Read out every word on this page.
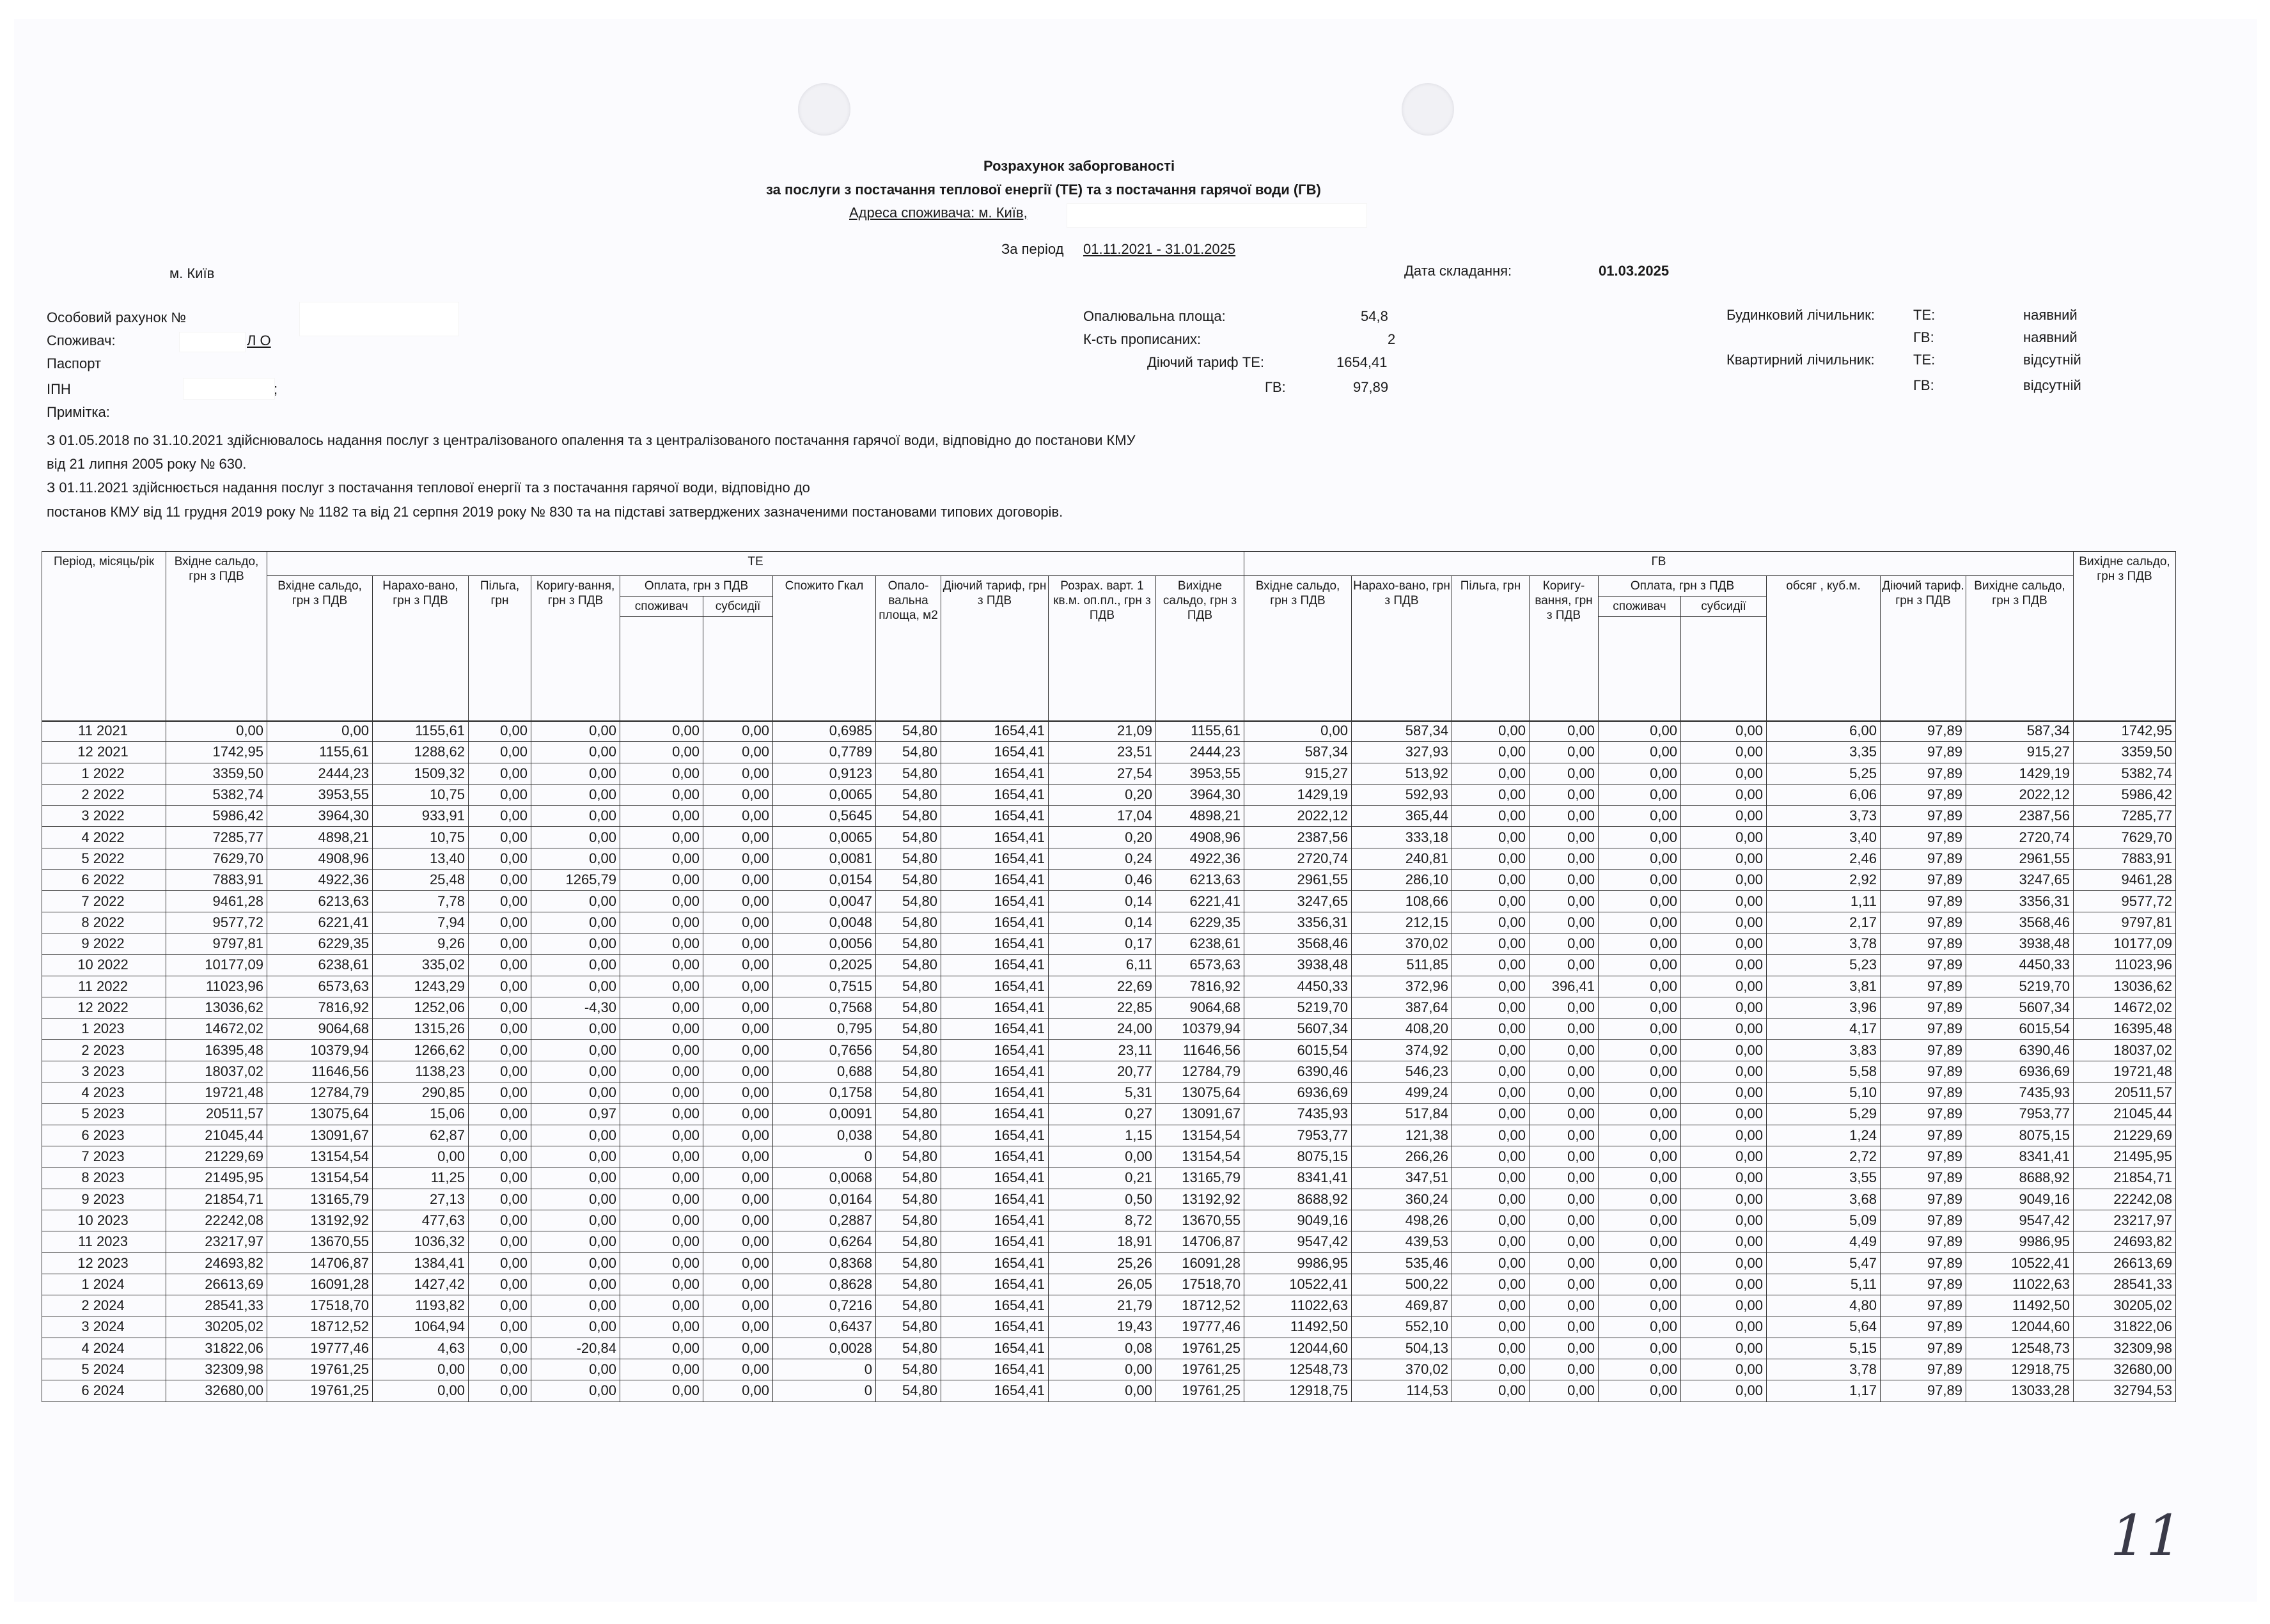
Розрахунок заборгованості
за послуги з постачання теплової енергії (ТЕ) та з постачання гарячої води (ГВ)
Адреса споживача: м. Київ,
За період 01.11.2021 - 31.01.2025
м. Київ	Дата складання:	01.03.2025
Особовий рахунок №
Споживач:	Л О
Паспорт
ІПН	;
Примітка:
Опалювальна площа:	54,8
К-сть прописаних:	2
Діючий тариф ТЕ:	1654,41
ГВ:	97,89
Будинковий лічильник:	ТЕ:	наявний
ГВ:	наявний
Квартирний лічильник:	ТЕ:	відсутній
ГВ:	відсутній
З 01.05.2018 по 31.10.2021 здійснювалось надання послуг з централізованого опалення та з централізованого постачання гарячої води, відповідно до постанови КМУ
від 21 липня 2005 року № 630.
З 01.11.2021 здійснюється надання послуг з постачання теплової енергії та з постачання гарячої води, відповідно до
постанов КМУ від 11 грудня 2019 року № 1182 та від 21 серпня 2019 року № 830 та на підставі затверджених зазначеними постановами типових договорів.
Період, місяць/рік	Вхідне сальдо, грн з ПДВ	ТЕ											ГВ									Вихідне сальдо, грн з ПДВ
		Вхідне сальдо, грн з ПДВ	Нарахо-вано, грн з ПДВ	Пільга, грн	Коригу-вання, грн з ПДВ	Оплата, грн з ПДВ		Спожито Гкал	Опало-вальна площа, м2	Діючий тариф, грн з ПДВ	Розрах. варт. 1 кв.м. оп.пл., грн з ПДВ	Вихідне сальдо, грн з ПДВ	Вхідне сальдо, грн з ПДВ	Нарахо-вано, грн з ПДВ	Пільга, грн	Коригу-вання, грн з ПДВ	Оплата, грн з ПДВ		обсяг , куб.м.	Діючий тариф. грн з ПДВ	Вихідне сальдо, грн з ПДВ	
						споживач	субсидії										споживач	субсидії				

11 2021	0,00	0,00	1155,61	0,00	0,00	0,00	0,00	0,6985	54,80	1654,41	21,09	1155,61	0,00	587,34	0,00	0,00	0,00	0,00	6,00	97,89	587,34	1742,95
12 2021	1742,95	1155,61	1288,62	0,00	0,00	0,00	0,00	0,7789	54,80	1654,41	23,51	2444,23	587,34	327,93	0,00	0,00	0,00	0,00	3,35	97,89	915,27	3359,50
1 2022	3359,50	2444,23	1509,32	0,00	0,00	0,00	0,00	0,9123	54,80	1654,41	27,54	3953,55	915,27	513,92	0,00	0,00	0,00	0,00	5,25	97,89	1429,19	5382,74
2 2022	5382,74	3953,55	10,75	0,00	0,00	0,00	0,00	0,0065	54,80	1654,41	0,20	3964,30	1429,19	592,93	0,00	0,00	0,00	0,00	6,06	97,89	2022,12	5986,42
3 2022	5986,42	3964,30	933,91	0,00	0,00	0,00	0,00	0,5645	54,80	1654,41	17,04	4898,21	2022,12	365,44	0,00	0,00	0,00	0,00	3,73	97,89	2387,56	7285,77
4 2022	7285,77	4898,21	10,75	0,00	0,00	0,00	0,00	0,0065	54,80	1654,41	0,20	4908,96	2387,56	333,18	0,00	0,00	0,00	0,00	3,40	97,89	2720,74	7629,70
5 2022	7629,70	4908,96	13,40	0,00	0,00	0,00	0,00	0,0081	54,80	1654,41	0,24	4922,36	2720,74	240,81	0,00	0,00	0,00	0,00	2,46	97,89	2961,55	7883,91
6 2022	7883,91	4922,36	25,48	0,00	1265,79	0,00	0,00	0,0154	54,80	1654,41	0,46	6213,63	2961,55	286,10	0,00	0,00	0,00	0,00	2,92	97,89	3247,65	9461,28
7 2022	9461,28	6213,63	7,78	0,00	0,00	0,00	0,00	0,0047	54,80	1654,41	0,14	6221,41	3247,65	108,66	0,00	0,00	0,00	0,00	1,11	97,89	3356,31	9577,72
8 2022	9577,72	6221,41	7,94	0,00	0,00	0,00	0,00	0,0048	54,80	1654,41	0,14	6229,35	3356,31	212,15	0,00	0,00	0,00	0,00	2,17	97,89	3568,46	9797,81
9 2022	9797,81	6229,35	9,26	0,00	0,00	0,00	0,00	0,0056	54,80	1654,41	0,17	6238,61	3568,46	370,02	0,00	0,00	0,00	0,00	3,78	97,89	3938,48	10177,09
10 2022	10177,09	6238,61	335,02	0,00	0,00	0,00	0,00	0,2025	54,80	1654,41	6,11	6573,63	3938,48	511,85	0,00	0,00	0,00	0,00	5,23	97,89	4450,33	11023,96
11 2022	11023,96	6573,63	1243,29	0,00	0,00	0,00	0,00	0,7515	54,80	1654,41	22,69	7816,92	4450,33	372,96	0,00	396,41	0,00	0,00	3,81	97,89	5219,70	13036,62
12 2022	13036,62	7816,92	1252,06	0,00	-4,30	0,00	0,00	0,7568	54,80	1654,41	22,85	9064,68	5219,70	387,64	0,00	0,00	0,00	0,00	3,96	97,89	5607,34	14672,02
1 2023	14672,02	9064,68	1315,26	0,00	0,00	0,00	0,00	0,795	54,80	1654,41	24,00	10379,94	5607,34	408,20	0,00	0,00	0,00	0,00	4,17	97,89	6015,54	16395,48
2 2023	16395,48	10379,94	1266,62	0,00	0,00	0,00	0,00	0,7656	54,80	1654,41	23,11	11646,56	6015,54	374,92	0,00	0,00	0,00	0,00	3,83	97,89	6390,46	18037,02
3 2023	18037,02	11646,56	1138,23	0,00	0,00	0,00	0,00	0,688	54,80	1654,41	20,77	12784,79	6390,46	546,23	0,00	0,00	0,00	0,00	5,58	97,89	6936,69	19721,48
4 2023	19721,48	12784,79	290,85	0,00	0,00	0,00	0,00	0,1758	54,80	1654,41	5,31	13075,64	6936,69	499,24	0,00	0,00	0,00	0,00	5,10	97,89	7435,93	20511,57
5 2023	20511,57	13075,64	15,06	0,00	0,97	0,00	0,00	0,0091	54,80	1654,41	0,27	13091,67	7435,93	517,84	0,00	0,00	0,00	0,00	5,29	97,89	7953,77	21045,44
6 2023	21045,44	13091,67	62,87	0,00	0,00	0,00	0,00	0,038	54,80	1654,41	1,15	13154,54	7953,77	121,38	0,00	0,00	0,00	0,00	1,24	97,89	8075,15	21229,69
7 2023	21229,69	13154,54	0,00	0,00	0,00	0,00	0,00	0	54,80	1654,41	0,00	13154,54	8075,15	266,26	0,00	0,00	0,00	0,00	2,72	97,89	8341,41	21495,95
8 2023	21495,95	13154,54	11,25	0,00	0,00	0,00	0,00	0,0068	54,80	1654,41	0,21	13165,79	8341,41	347,51	0,00	0,00	0,00	0,00	3,55	97,89	8688,92	21854,71
9 2023	21854,71	13165,79	27,13	0,00	0,00	0,00	0,00	0,0164	54,80	1654,41	0,50	13192,92	8688,92	360,24	0,00	0,00	0,00	0,00	3,68	97,89	9049,16	22242,08
10 2023	22242,08	13192,92	477,63	0,00	0,00	0,00	0,00	0,2887	54,80	1654,41	8,72	13670,55	9049,16	498,26	0,00	0,00	0,00	0,00	5,09	97,89	9547,42	23217,97
11 2023	23217,97	13670,55	1036,32	0,00	0,00	0,00	0,00	0,6264	54,80	1654,41	18,91	14706,87	9547,42	439,53	0,00	0,00	0,00	0,00	4,49	97,89	9986,95	24693,82
12 2023	24693,82	14706,87	1384,41	0,00	0,00	0,00	0,00	0,8368	54,80	1654,41	25,26	16091,28	9986,95	535,46	0,00	0,00	0,00	0,00	5,47	97,89	10522,41	26613,69
1 2024	26613,69	16091,28	1427,42	0,00	0,00	0,00	0,00	0,8628	54,80	1654,41	26,05	17518,70	10522,41	500,22	0,00	0,00	0,00	0,00	5,11	97,89	11022,63	28541,33
2 2024	28541,33	17518,70	1193,82	0,00	0,00	0,00	0,00	0,7216	54,80	1654,41	21,79	18712,52	11022,63	469,87	0,00	0,00	0,00	0,00	4,80	97,89	11492,50	30205,02
3 2024	30205,02	18712,52	1064,94	0,00	0,00	0,00	0,00	0,6437	54,80	1654,41	19,43	19777,46	11492,50	552,10	0,00	0,00	0,00	0,00	5,64	97,89	12044,60	31822,06
4 2024	31822,06	19777,46	4,63	0,00	-20,84	0,00	0,00	0,0028	54,80	1654,41	0,08	19761,25	12044,60	504,13	0,00	0,00	0,00	0,00	5,15	97,89	12548,73	32309,98
5 2024	32309,98	19761,25	0,00	0,00	0,00	0,00	0,00	0	54,80	1654,41	0,00	19761,25	12548,73	370,02	0,00	0,00	0,00	0,00	3,78	97,89	12918,75	32680,00
6 2024	32680,00	19761,25	0,00	0,00	0,00	0,00	0,00	0	54,80	1654,41	0,00	19761,25	12918,75	114,53	0,00	0,00	0,00	0,00	1,17	97,89	13033,28	32794,53
11
